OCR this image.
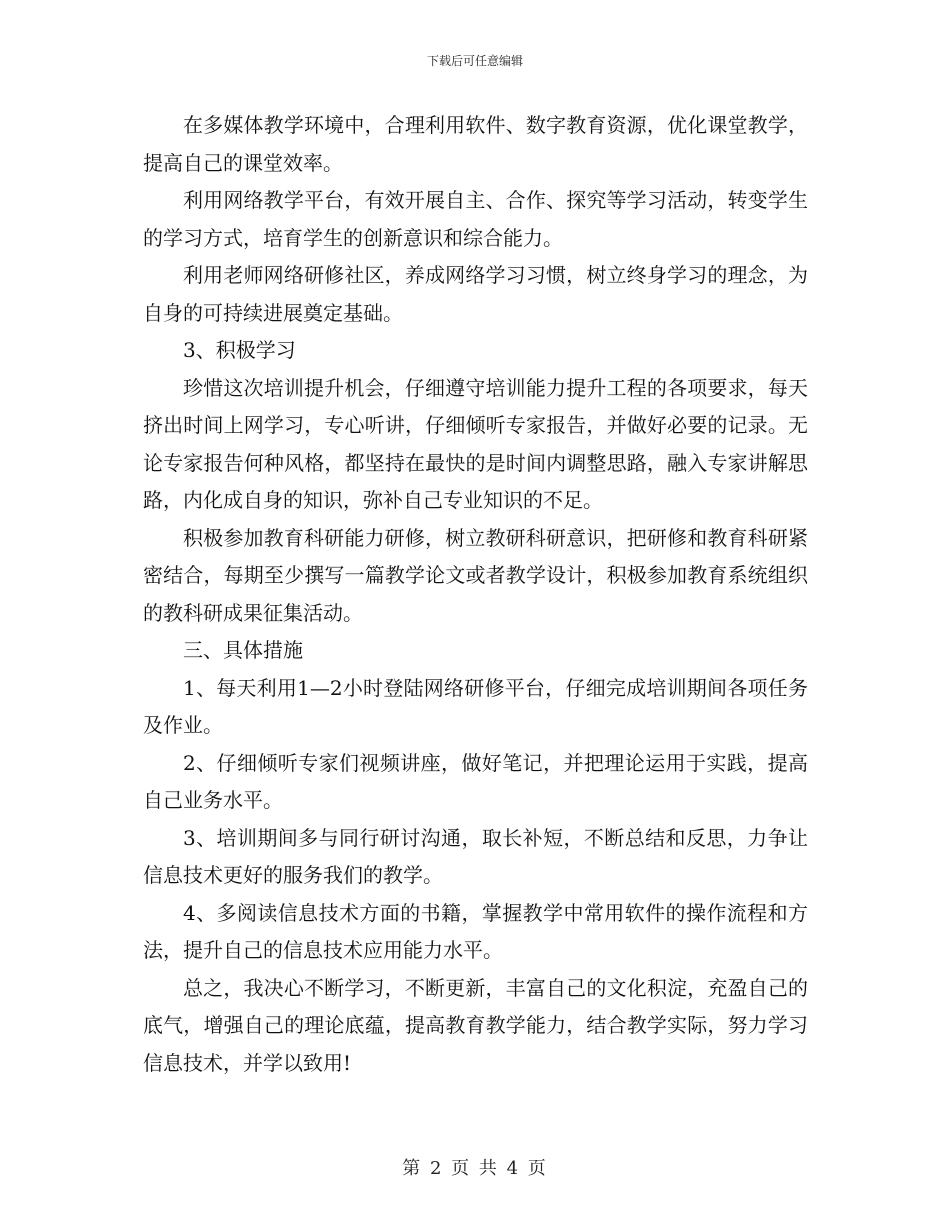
下载后可任意编辑

在多媒体教学环境中，合理利用软件、数字教育资源，优化课堂教学，提高自己的课堂效率。

利用网络教学平台，有效开展自主、合作、探究等学习活动，转变学生的学习方式，培育学生的创新意识和综合能力。

利用老师网络研修社区，养成网络学习习惯，树立终身学习的理念，为自身的可持续进展奠定基础。

3、积极学习

珍惜这次培训提升机会，仔细遵守培训能力提升工程的各项要求，每天挤出时间上网学习，专心听讲，仔细倾听专家报告，并做好必要的记录。无论专家报告何种风格，都坚持在最快的是时间内调整思路，融入专家讲解思路，内化成自身的知识，弥补自己专业知识的不足。

积极参加教育科研能力研修，树立教研科研意识，把研修和教育科研紧密结合，每期至少撰写一篇教学论文或者教学设计，积极参加教育系统组织的教科研成果征集活动。

三、具体措施

1、每天利用1—2小时登陆网络研修平台，仔细完成培训期间各项任务及作业。

2、仔细倾听专家们视频讲座，做好笔记，并把理论运用于实践，提高自己业务水平。

3、培训期间多与同行研讨沟通，取长补短，不断总结和反思，力争让信息技术更好的服务我们的教学。

4、多阅读信息技术方面的书籍，掌握教学中常用软件的操作流程和方法，提升自己的信息技术应用能力水平。

总之，我决心不断学习，不断更新，丰富自己的文化积淀，充盈自己的底气，增强自己的理论底蕴，提高教育教学能力，结合教学实际，努力学习信息技术，并学以致用!

第 2 页 共 4 页
